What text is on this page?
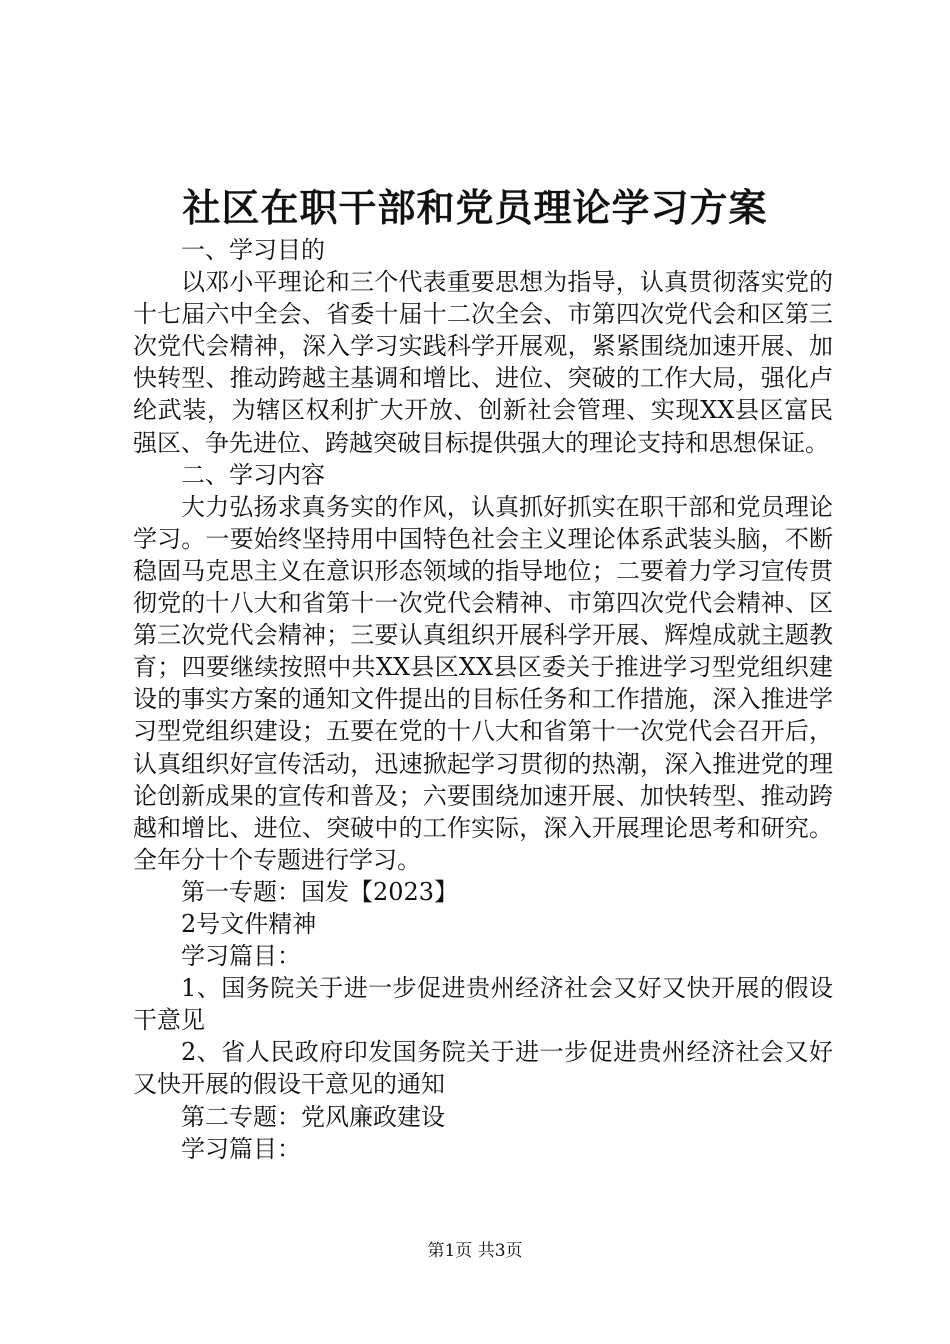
社区在职干部和党员理论学习方案

一、学习目的

以邓小平理论和三个代表重要思想为指导，认真贯彻落实党的十七届六中全会、省委十届十二次全会、市第四次党代会和区第三次党代会精神，深入学习实践科学开展观，紧紧围绕加速开展、加快转型、推动跨越主基调和增比、进位、突破的工作大局，强化卢纶武装，为辖区权利扩大开放、创新社会管理、实现XX县区富民强区、争先进位、跨越突破目标提供强大的理论支持和思想保证。

二、学习内容

大力弘扬求真务实的作风，认真抓好抓实在职干部和党员理论学习。一要始终坚持用中国特色社会主义理论体系武装头脑，不断稳固马克思主义在意识形态领域的指导地位；二要着力学习宣传贯彻党的十八大和省第十一次党代会精神、市第四次党代会精神、区第三次党代会精神；三要认真组织开展科学开展、辉煌成就主题教育；四要继续按照中共XX县区XX县区委关于推进学习型党组织建设的事实方案的通知文件提出的目标任务和工作措施，深入推进学习型党组织建设；五要在党的十八大和省第十一次党代会召开后，认真组织好宣传活动，迅速掀起学习贯彻的热潮，深入推进党的理论创新成果的宣传和普及；六要围绕加速开展、加快转型、推动跨越和增比、进位、突破中的工作实际，深入开展理论思考和研究。全年分十个专题进行学习。

第一专题：国发【2023】

2号文件精神

学习篇目：

1、国务院关于进一步促进贵州经济社会又好又快开展的假设干意见

2、省人民政府印发国务院关于进一步促进贵州经济社会又好又快开展的假设干意见的通知

第二专题：党风廉政建设

学习篇目：

第1页 共3页
